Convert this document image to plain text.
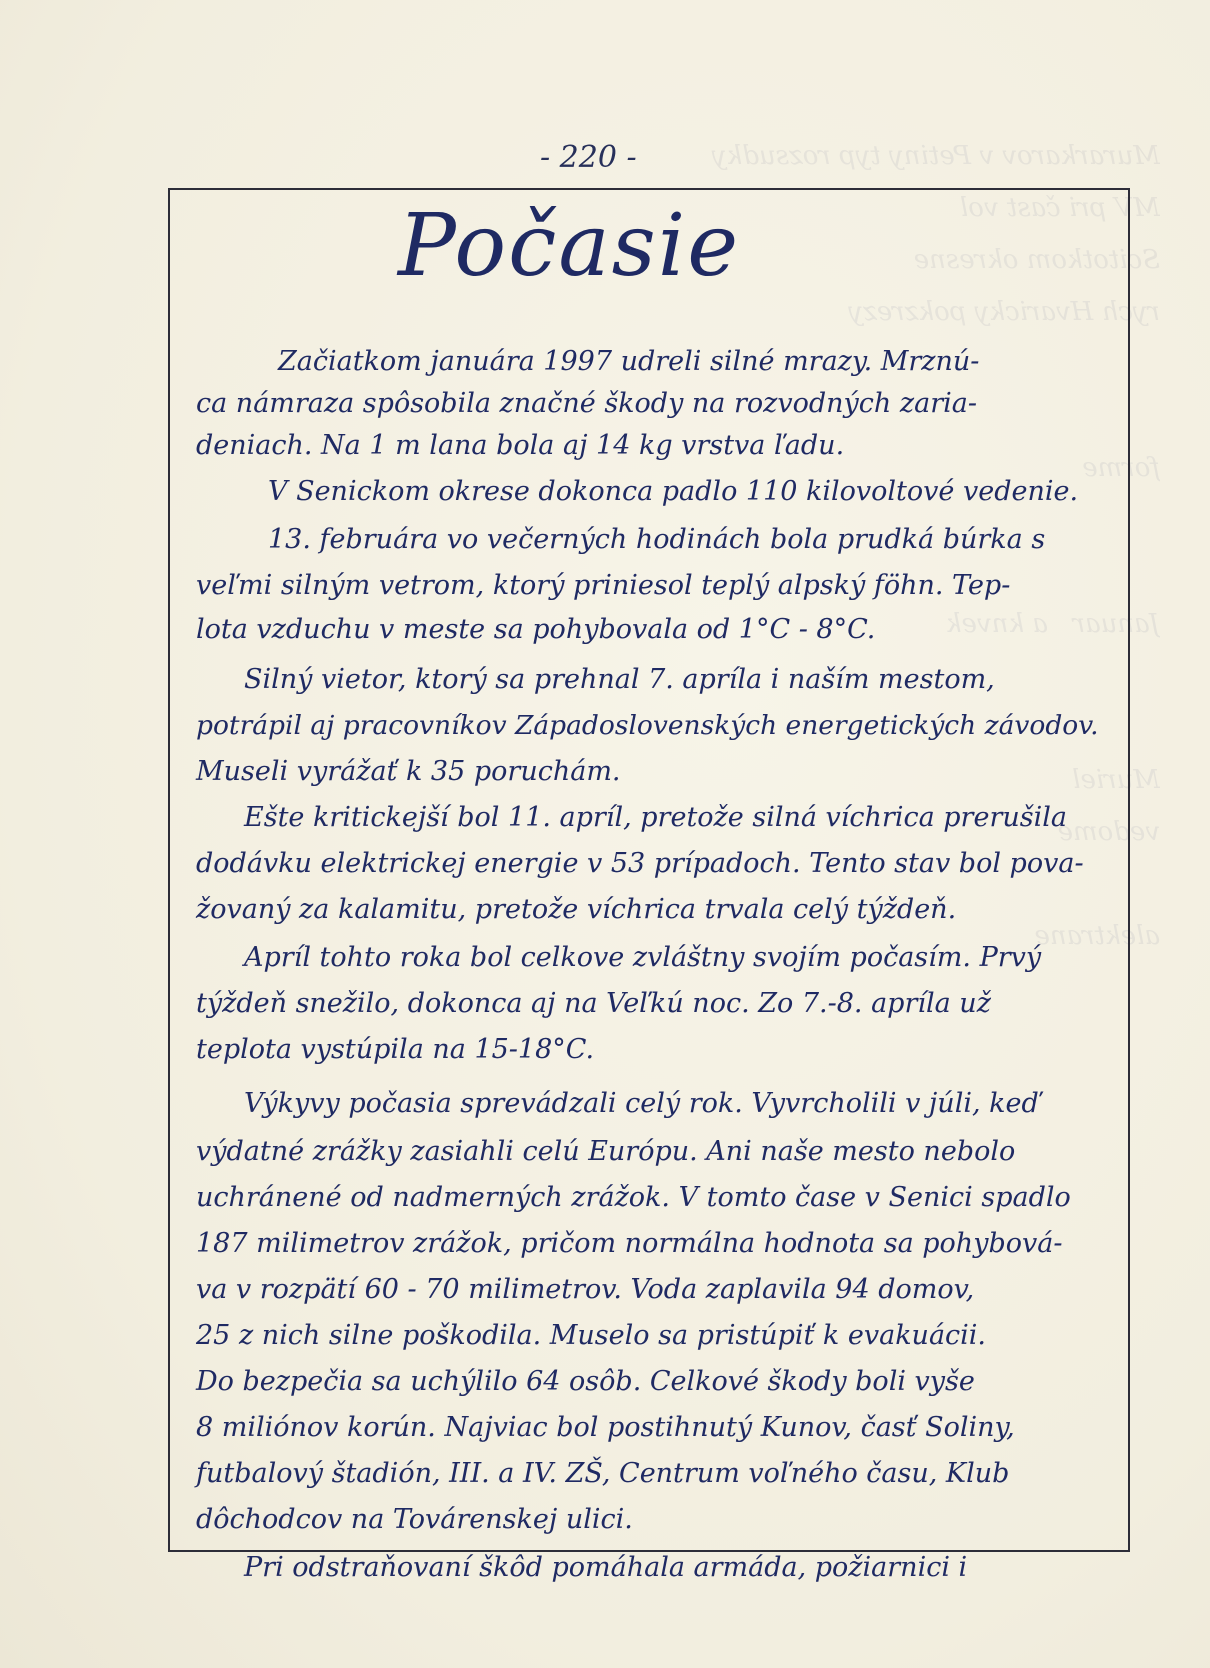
Murarkarov v Petiny typ rozsudky
MV pri čast vol
Scitotkom okresne
rych Hvaricky pokzrezy

forme

Januar   a knvek

Muriel
vedome

alektrane

- 220 -
Počasie
Začiatkom januára 1997 udreli silné mrazy. Mrznú-
ca námraza spôsobila značné škody na rozvodných zaria-
deniach. Na 1 m lana bola aj 14 kg vrstva ľadu.
V Senickom okrese dokonca padlo 110 kilovoltové vedenie.
13. februára vo večerných hodinách bola prudká búrka s
veľmi silným vetrom, ktorý priniesol teplý alpský föhn. Tep-
lota vzduchu v meste sa pohybovala od 1°C - 8°C.
Silný vietor, ktorý sa prehnal 7. apríla i naším mestom,
potrápil aj pracovníkov Západoslovenských energetických závodov.
Museli vyrážať k 35 poruchám.
Ešte kritickejší bol 11. apríl, pretože silná víchrica prerušila
dodávku elektrickej energie v 53 prípadoch. Tento stav bol pova-
žovaný za kalamitu, pretože víchrica trvala celý týždeň.
Apríl tohto roka bol celkove zvláštny svojím počasím. Prvý
týždeň snežilo, dokonca aj na Veľkú noc. Zo 7.-8. apríla už
teplota vystúpila na 15-18°C.
Výkyvy počasia sprevádzali celý rok. Vyvrcholili v júli, keď
výdatné zrážky zasiahli celú Európu. Ani naše mesto nebolo
uchránené od nadmerných zrážok. V tomto čase v Senici spadlo
187 milimetrov zrážok, pričom normálna hodnota sa pohybová-
va v rozpätí 60 - 70 milimetrov. Voda zaplavila 94 domov,
25 z nich silne poškodila. Muselo sa pristúpiť k evakuácii.
Do bezpečia sa uchýlilo 64 osôb. Celkové škody boli vyše
8 miliónov korún. Najviac bol postihnutý Kunov, časť Soliny,
futbalový štadión, III. a IV. ZŠ, Centrum voľného času, Klub
dôchodcov na Továrenskej ulici.
Pri odstraňovaní škôd pomáhala armáda, požiarnici i
